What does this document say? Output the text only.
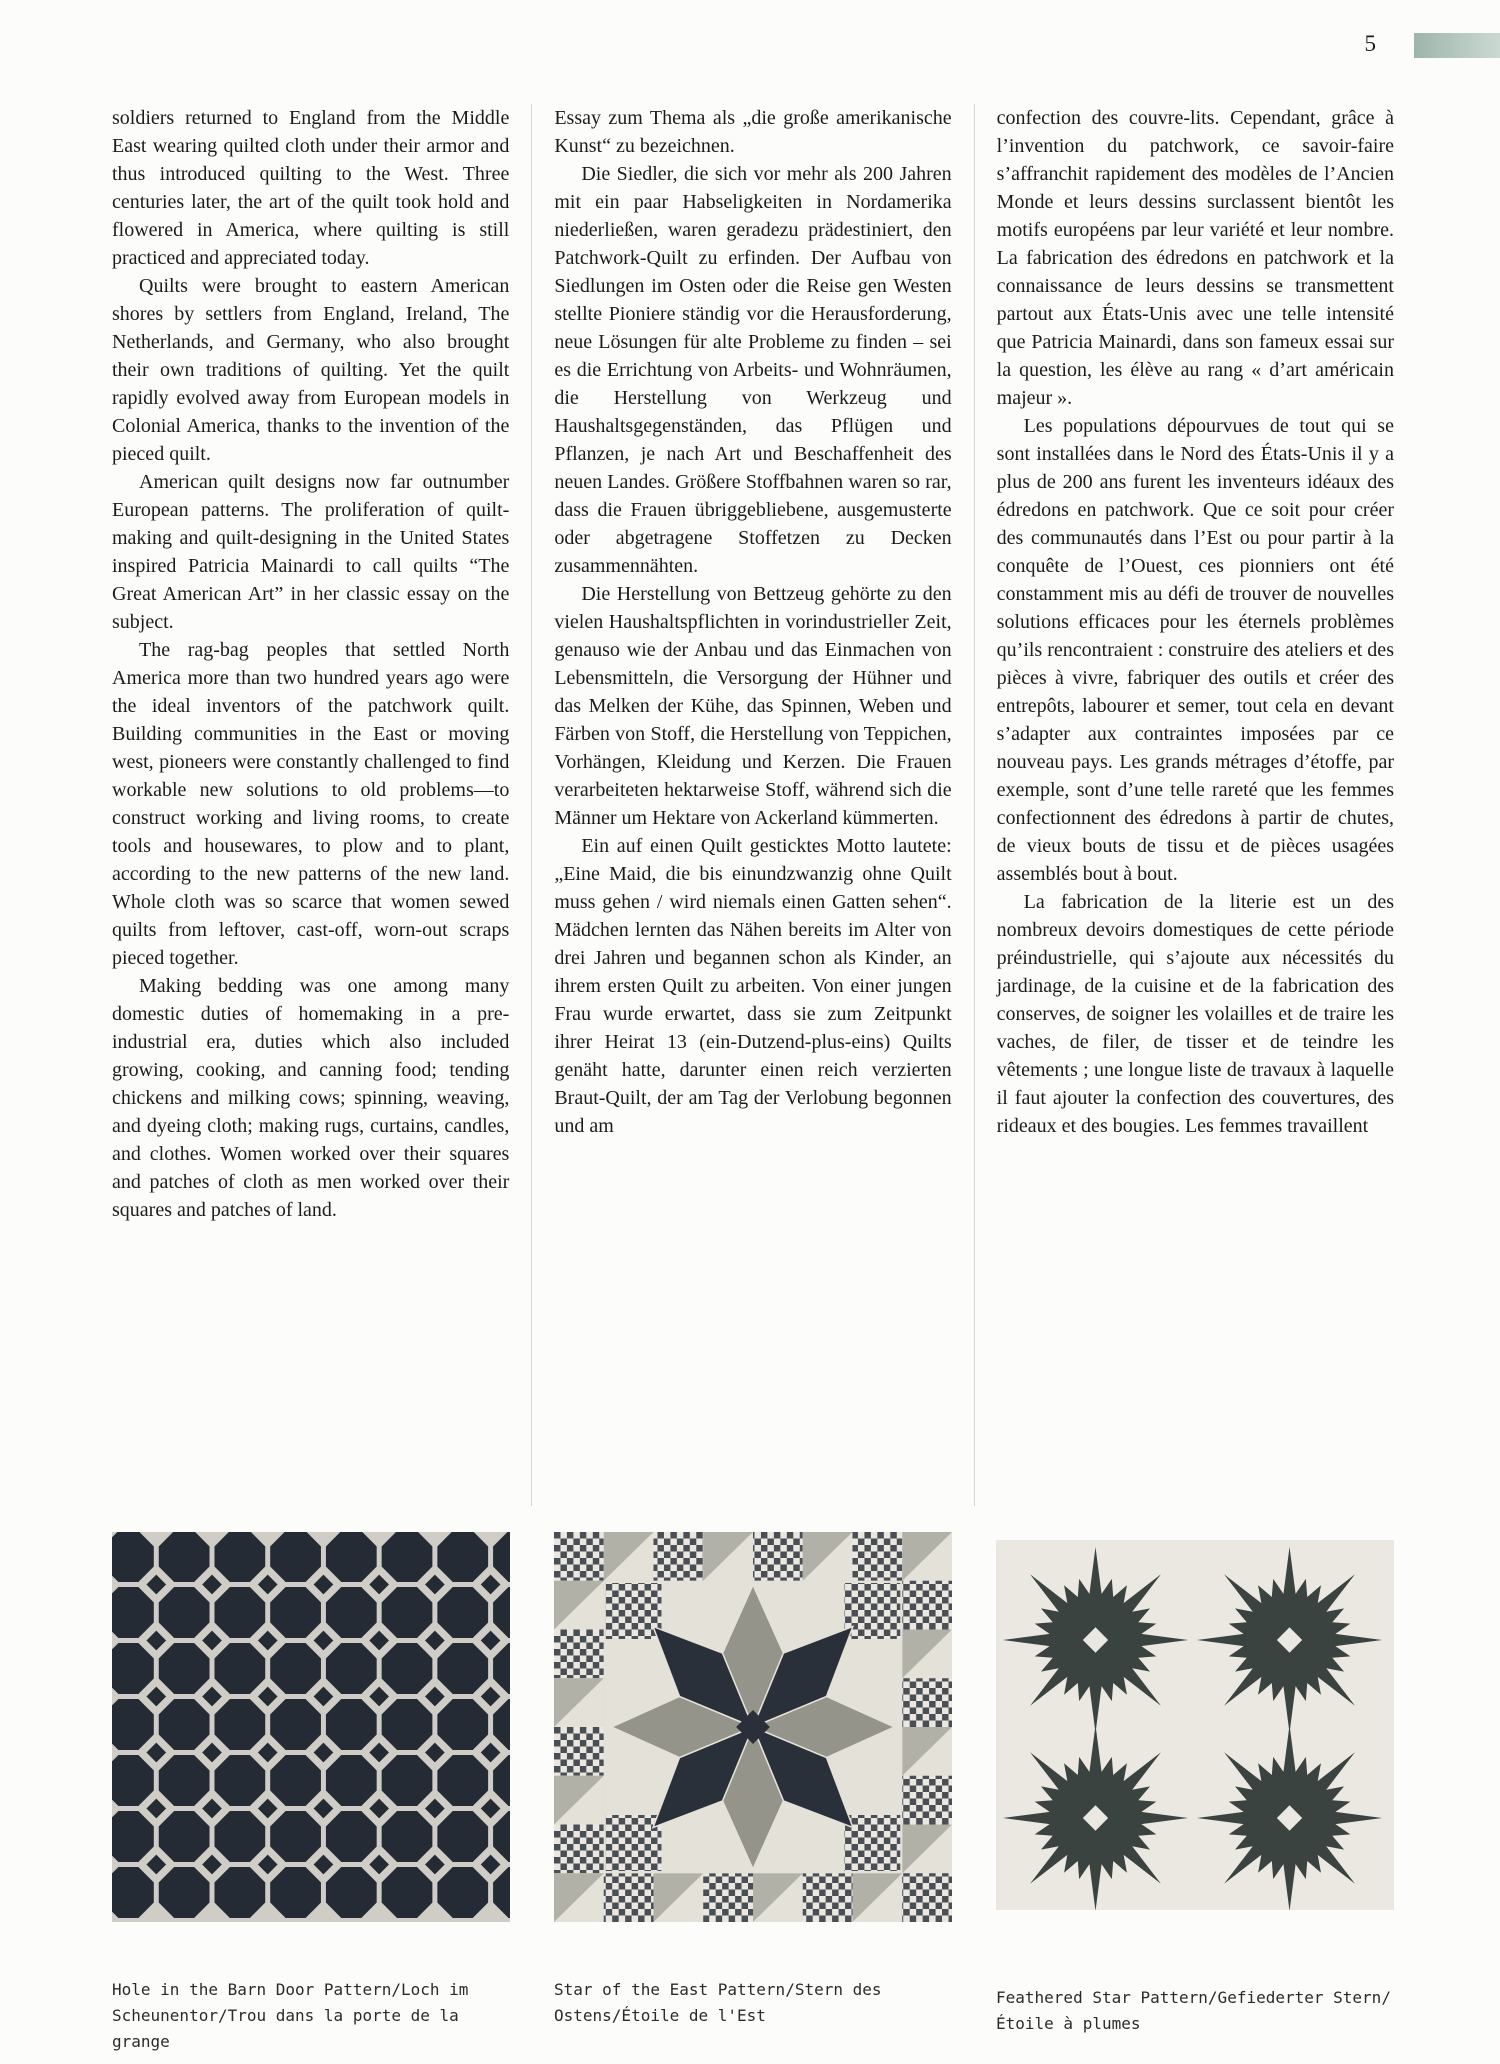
5

soldiers returned to England from the Middle East wearing quilted cloth under their armor and thus introduced quilting to the West. Three centuries later, the art of the quilt took hold and flowered in America, where quilting is still practiced and appreciated today.

Quilts were brought to eastern American shores by settlers from England, Ireland, The Netherlands, and Germany, who also brought their own traditions of quilting. Yet the quilt rapidly evolved away from European models in Colonial America, thanks to the invention of the pieced quilt.

American quilt designs now far outnumber European patterns. The proliferation of quilt-making and quilt-designing in the United States inspired Patricia Mainardi to call quilts “The Great American Art” in her classic essay on the subject.

The rag-bag peoples that settled North America more than two hundred years ago were the ideal inventors of the patchwork quilt. Building communities in the East or moving west, pioneers were constantly challenged to find workable new solutions to old problems—to construct working and living rooms, to create tools and housewares, to plow and to plant, according to the new patterns of the new land. Whole cloth was so scarce that women sewed quilts from leftover, cast-off, worn-out scraps pieced together.

Making bedding was one among many domestic duties of homemaking in a pre-industrial era, duties which also included growing, cooking, and canning food; tending chickens and milking cows; spinning, weaving, and dyeing cloth; making rugs, curtains, candles, and clothes. Women worked over their squares and patches of cloth as men worked over their squares and patches of land.

Essay zum Thema als „die große amerikanische Kunst“ zu bezeichnen.

Die Siedler, die sich vor mehr als 200 Jahren mit ein paar Habseligkeiten in Nordamerika niederließen, waren geradezu prädestiniert, den Patchwork-Quilt zu erfinden. Der Aufbau von Siedlungen im Osten oder die Reise gen Westen stellte Pioniere ständig vor die Herausforderung, neue Lösungen für alte Probleme zu finden – sei es die Errichtung von Arbeits- und Wohnräumen, die Herstellung von Werkzeug und Haushaltsgegenständen, das Pflügen und Pflanzen, je nach Art und Beschaffenheit des neuen Landes. Größere Stoffbahnen waren so rar, dass die Frauen übriggebliebene, ausgemusterte oder abgetragene Stoffetzen zu Decken zusammennähten.

Die Herstellung von Bettzeug gehörte zu den vielen Haushaltspflichten in vorindustrieller Zeit, genauso wie der Anbau und das Einmachen von Lebensmitteln, die Versorgung der Hühner und das Melken der Kühe, das Spinnen, Weben und Färben von Stoff, die Herstellung von Teppichen, Vorhängen, Kleidung und Kerzen. Die Frauen verarbeiteten hektarweise Stoff, während sich die Männer um Hektare von Ackerland kümmerten.

Ein auf einen Quilt gesticktes Motto lautete: „Eine Maid, die bis einundzwanzig ohne Quilt muss gehen / wird niemals einen Gatten sehen“. Mädchen lernten das Nähen bereits im Alter von drei Jahren und begannen schon als Kinder, an ihrem ersten Quilt zu arbeiten. Von einer jungen Frau wurde erwartet, dass sie zum Zeitpunkt ihrer Heirat 13 (ein-Dutzend-plus-eins) Quilts genäht hatte, darunter einen reich verzierten Braut-Quilt, der am Tag der Verlobung begonnen und am

confection des couvre-lits. Cependant, grâce à l’invention du patchwork, ce savoir-faire s’affranchit rapidement des modèles de l’Ancien Monde et leurs dessins surclassent bientôt les motifs européens par leur variété et leur nombre. La fabrication des édredons en patchwork et la connaissance de leurs dessins se transmettent partout aux États-Unis avec une telle intensité que Patricia Mainardi, dans son fameux essai sur la question, les élève au rang « d’art américain majeur ».

Les populations dépourvues de tout qui se sont installées dans le Nord des États-Unis il y a plus de 200 ans furent les inventeurs idéaux des édredons en patchwork. Que ce soit pour créer des communautés dans l’Est ou pour partir à la conquête de l’Ouest, ces pionniers ont été constamment mis au défi de trouver de nouvelles solutions efficaces pour les éternels problèmes qu’ils rencontraient : construire des ateliers et des pièces à vivre, fabriquer des outils et créer des entrepôts, labourer et semer, tout cela en devant s’adapter aux contraintes imposées par ce nouveau pays. Les grands métrages d’étoffe, par exemple, sont d’une telle rareté que les femmes confectionnent des édredons à partir de chutes, de vieux bouts de tissu et de pièces usagées assemblés bout à bout.

La fabrication de la literie est un des nombreux devoirs domestiques de cette période préindustrielle, qui s’ajoute aux nécessités du jardinage, de la cuisine et de la fabrication des conserves, de soigner les volailles et de traire les vaches, de filer, de tisser et de teindre les vêtements ; une longue liste de travaux à laquelle il faut ajouter la confection des couvertures, des rideaux et des bougies. Les femmes travaillent

Hole in the Barn Door Pattern/Loch im Scheunentor/Trou dans la porte de la grange
Star of the East Pattern/Stern des Ostens/Étoile de l'Est
Feathered Star Pattern/Gefiederter Stern/Étoile à plumes
